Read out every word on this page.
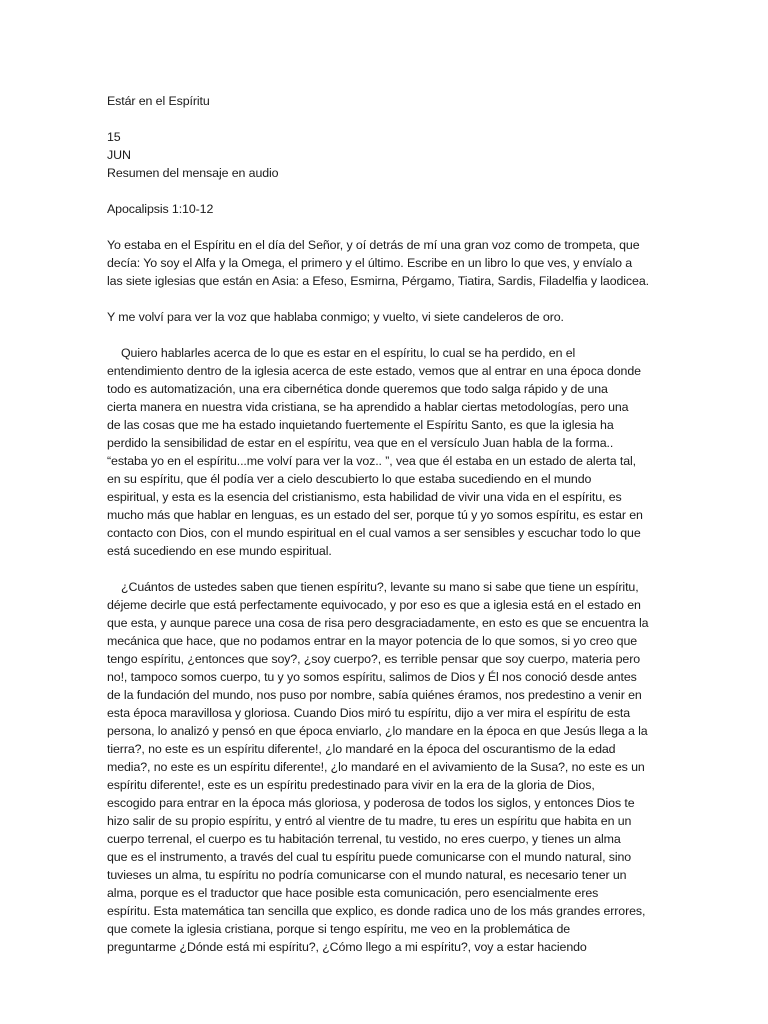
Estár en el Espíritu
15
JUN
Resumen del mensaje en audio
Apocalipsis 1:10-12
Yo estaba en el Espíritu en el día del Señor, y oí detrás de mí una gran voz como de trompeta, que
decía: Yo soy el Alfa y la Omega, el primero y el último. Escribe en un libro lo que ves, y envíalo a
las siete iglesias que están en Asia: a Efeso, Esmirna, Pérgamo, Tiatira, Sardis, Filadelfia y laodicea.
Y me volví para ver la voz que hablaba conmigo; y vuelto, vi siete candeleros de oro.
Quiero hablarles acerca de lo que es estar en el espíritu, lo cual se ha perdido, en el
entendimiento dentro de la iglesia acerca de este estado, vemos que al entrar en una época donde
todo es automatización, una era cibernética donde queremos que todo salga rápido y de una
cierta manera en nuestra vida cristiana, se ha aprendido a hablar ciertas metodologías, pero una
de las cosas que me ha estado inquietando fuertemente el Espíritu Santo, es que la iglesia ha
perdido la sensibilidad de estar en el espíritu, vea que en el versículo Juan habla de la forma..
“estaba yo en el espíritu...me volví para ver la voz.. ”, vea que él estaba en un estado de alerta tal,
en su espíritu, que él podía ver a cielo descubierto lo que estaba sucediendo en el mundo
espiritual, y esta es la esencia del cristianismo, esta habilidad de vivir una vida en el espíritu, es
mucho más que hablar en lenguas, es un estado del ser, porque tú y yo somos espíritu, es estar en
contacto con Dios, con el mundo espiritual en el cual vamos a ser sensibles y escuchar todo lo que
está sucediendo en ese mundo espiritual.
¿Cuántos de ustedes saben que tienen espíritu?, levante su mano si sabe que tiene un espíritu,
déjeme decirle que está perfectamente equivocado, y por eso es que a iglesia está en el estado en
que esta, y aunque parece una cosa de risa pero desgraciadamente, en esto es que se encuentra la
mecánica que hace, que no podamos entrar en la mayor potencia de lo que somos, si yo creo que
tengo espíritu, ¿entonces que soy?, ¿soy cuerpo?, es terrible pensar que soy cuerpo, materia pero
no!, tampoco somos cuerpo, tu y yo somos espíritu, salimos de Dios y Él nos conoció desde antes
de la fundación del mundo, nos puso por nombre, sabía quiénes éramos, nos predestino a venir en
esta época maravillosa y gloriosa. Cuando Dios miró tu espíritu, dijo a ver mira el espíritu de esta
persona, lo analizó y pensó en que época enviarlo, ¿lo mandare en la época en que Jesús llega a la
tierra?, no este es un espíritu diferente!, ¿lo mandaré en la época del oscurantismo de la edad
media?, no este es un espíritu diferente!, ¿lo mandaré en el avivamiento de la Susa?, no este es un
espíritu diferente!, este es un espíritu predestinado para vivir en la era de la gloria de Dios,
escogido para entrar en la época más gloriosa, y poderosa de todos los siglos, y entonces Dios te
hizo salir de su propio espíritu, y entró al vientre de tu madre, tu eres un espíritu que habita en un
cuerpo terrenal, el cuerpo es tu habitación terrenal, tu vestido, no eres cuerpo, y tienes un alma
que es el instrumento, a través del cual tu espíritu puede comunicarse con el mundo natural, sino
tuvieses un alma, tu espíritu no podría comunicarse con el mundo natural, es necesario tener un
alma, porque es el traductor que hace posible esta comunicación, pero esencialmente eres
espíritu. Esta matemática tan sencilla que explico, es donde radica uno de los más grandes errores,
que comete la iglesia cristiana, porque si tengo espíritu, me veo en la problemática de
preguntarme ¿Dónde está mi espíritu?, ¿Cómo llego a mi espíritu?, voy a estar haciendo
